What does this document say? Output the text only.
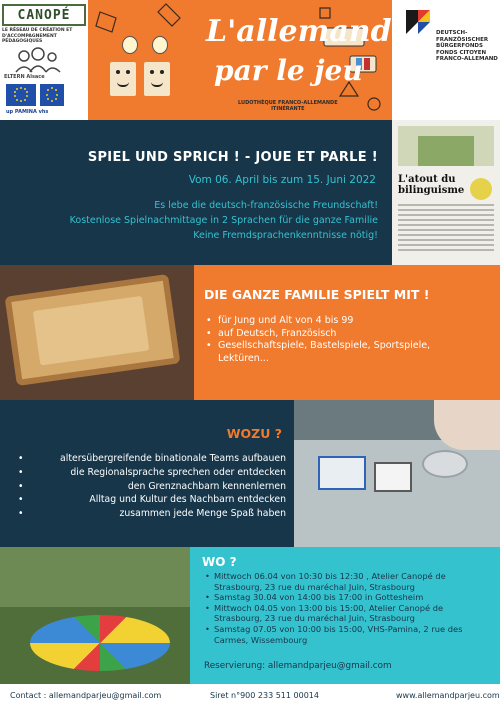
CANOPÉ
LE RÉSEAU DE CRÉATION ET D'ACCOMPAGNEMENT PÉDAGOGIQUES
ELTERN Alsace
up PAMINA vhs
L'allemand
par le jeu
LUDOTHÈQUE FRANCO-ALLEMANDE
ITINÉRANTE
DEUTSCH-
FRANZÖSISCHER
BÜRGERFONDS
FONDS CITOYEN
FRANCO-ALLEMAND
SPIEL UND SPRICH ! - JOUE ET PARLE !
Vom 06. April bis zum 15. Juni 2022
Es lebe die deutsch-französische Freundschaft!
Kostenlose Spielnachmittage in 2 Sprachen für die ganze Familie
Keine Fremdsprachenkenntnisse nötig!
L'atout du bilinguisme
DIE GANZE FAMILIE SPIELT MIT !
• für Jung und Alt von 4 bis 99
• auf Deutsch, Französisch
• Gesellschaftspiele, Bastelspiele, Sportspiele,
Lektüren...
WOZU ?
• altersübergreifende binationale Teams aufbauen
• die Regionalsprache sprechen oder entdecken
• den Grenznachbarn kennenlernen
• Alltag und Kultur des Nachbarn entdecken
• zusammen jede Menge Spaß haben
WO ?
• Mittwoch 06.04 von 10:30 bis 12:30 , Atelier Canopé de
Strasbourg, 23 rue du maréchal Juin, Strasbourg
• Samstag 30.04 von 14:00 bis 17:00 in Gottesheim
• Mittwoch 04.05 von 13:00 bis 15:00, Atelier Canopé de
Strasbourg, 23 rue du maréchal Juin, Strasbourg
• Samstag 07.05 von 10:00 bis 15:00, VHS-Pamina, 2 rue des
Carmes, Wissembourg
Reservierung: allemandparjeu@gmail.com
Contact : allemandparjeu@gmail.com	Siret n°900 233 511 00014	www.allemandparjeu.com
